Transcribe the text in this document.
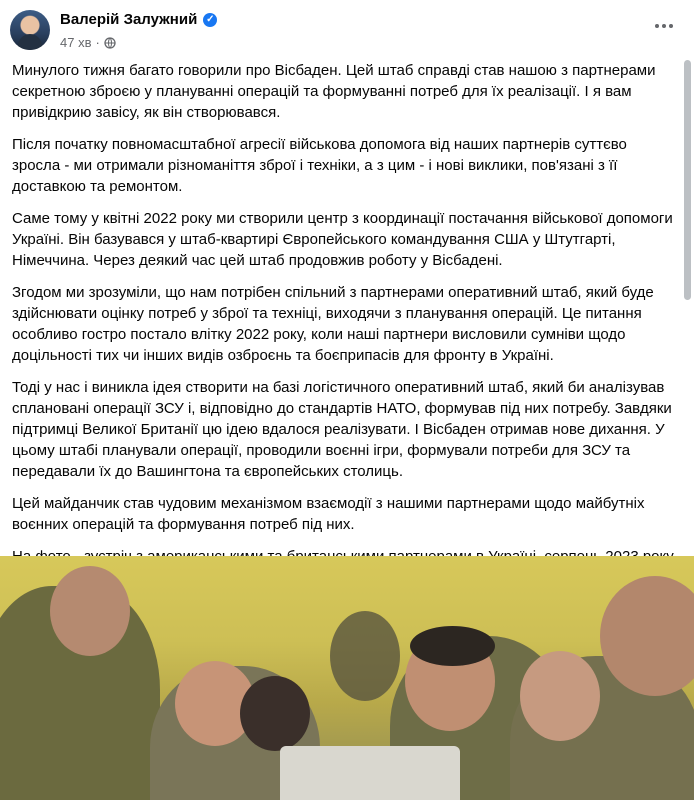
Валерій Залужний ✓
47 хв ·

Минулого тижня багато говорили про Вісбаден. Цей штаб справді став нашою з партнерами секретною зброєю у плануванні операцій та формуванні потреб для їх реалізації. І я вам привідкрию завісу, як він створювався.

Після початку повномасштабної агресії військова допомога від наших партнерів суттєво зросла - ми отримали різноманіття зброї і техніки, а з цим - і нові виклики, пов'язані з її доставкою та ремонтом.

Саме тому у квітні 2022 року ми створили центр з координації постачання військової допомоги Україні. Він базувався у штаб-квартирі Європейського командування США у Штутгарті, Німеччина. Через деякий час цей штаб продовжив роботу у Вісбадені.

Згодом ми зрозуміли, що нам потрібен спільний з партнерами оперативний штаб, який буде здійснювати оцінку потреб у зброї та техніці, виходячи з планування операцій. Це питання особливо гостро постало влітку 2022 року, коли наші партнери висловили сумніви щодо доцільності тих чи інших видів озброєнь та боєприпасів для фронту в Україні.

Тоді у нас і виникла ідея створити на базі логістичного оперативний штаб, який би аналізував сплановані операції ЗСУ і, відповідно до стандартів НАТО, формував під них потребу. Завдяки підтримці Великої Британії цю ідею вдалося реалізувати. І Вісбаден отримав нове дихання. У цьому штабі планували операції, проводили воєнні ігри, формували потреби для ЗСУ та передавали їх до Вашингтона та європейських столиць.

Цей майданчик став чудовим механізмом взаємодії з нашими партнерами щодо майбутніх воєнних операцій та формування потреб під них.
